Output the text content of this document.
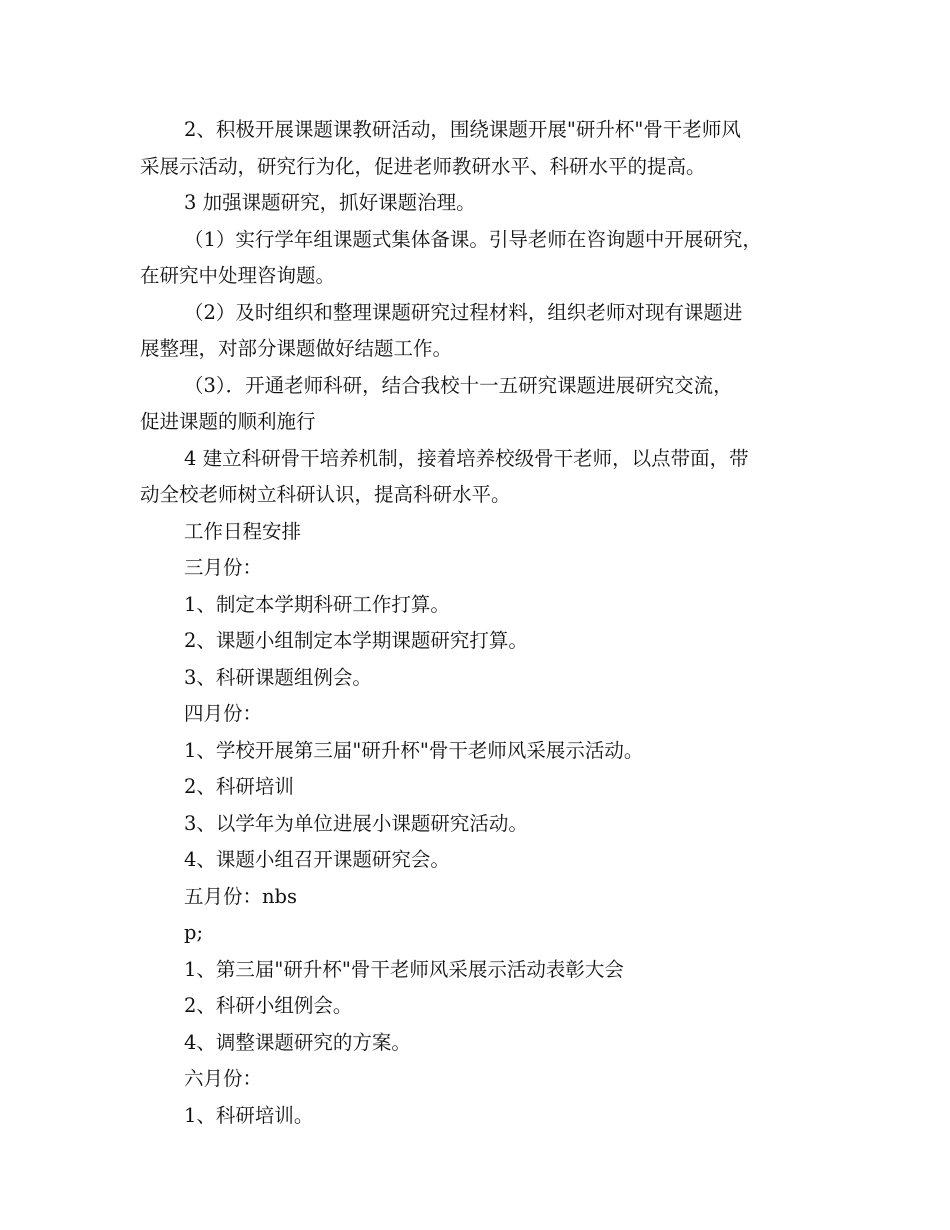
2、积极开展课题课教研活动，围绕课题开展"研升杯"骨干老师风

采展示活动，研究行为化，促进老师教研水平、科研水平的提高。

3 加强课题研究，抓好课题治理。

（1）实行学年组课题式集体备课。引导老师在咨询题中开展研究，

在研究中处理咨询题。

（2）及时组织和整理课题研究过程材料，组织老师对现有课题进

展整理，对部分课题做好结题工作。

（3）．开通老师科研，结合我校十一五研究课题进展研究交流，

促进课题的顺利施行

4 建立科研骨干培养机制，接着培养校级骨干老师，以点带面，带

动全校老师树立科研认识，提高科研水平。

工作日程安排

三月份：

1、制定本学期科研工作打算。

2、课题小组制定本学期课题研究打算。

3、科研课题组例会。

四月份：

1、学校开展第三届"研升杯"骨干老师风采展示活动。

2、科研培训

3、以学年为单位进展小课题研究活动。

4、课题小组召开课题研究会。

五月份：nbs

p;

1、第三届"研升杯"骨干老师风采展示活动表彰大会

2、科研小组例会。

4、调整课题研究的方案。

六月份：

1、科研培训。
